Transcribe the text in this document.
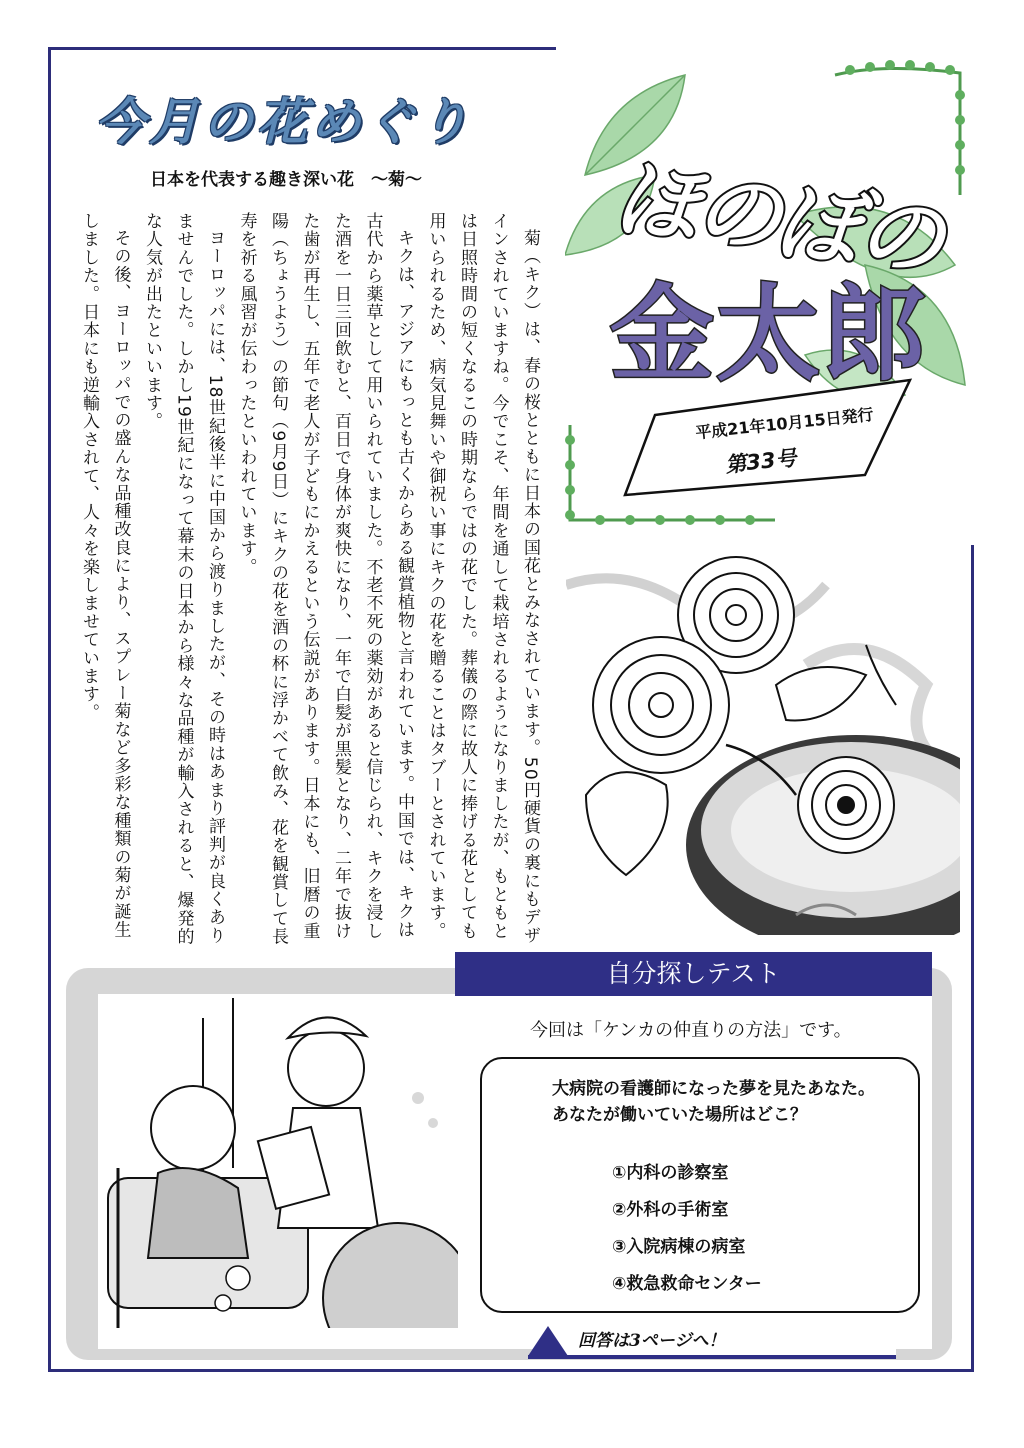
今月の花めぐり
日本を代表する趣き深い花　～菊～

菊（キク）は、春の桜とともに日本の国花とみなされています。50円硬貨の裏にもデザインされていますね。今でこそ、年間を通して栽培されるようになりましたが、もともとは日照時間の短くなるこの時期ならではの花でした。葬儀の際に故人に捧げる花としても用いられるため、病気見舞いや御祝い事にキクの花を贈ることはタブーとされています。

キクは、アジアにもっとも古くからある観賞植物と言われています。中国では、キクは古代から薬草として用いられていました。不老不死の薬効があると信じられ、キクを浸した酒を一日三回飲むと、百日で身体が爽快になり、一年で白髪が黒髪となり、二年で抜けた歯が再生し、五年で老人が子どもにかえるという伝説があります。日本にも、旧暦の重陽（ちょうよう）の節句（9月9日）にキクの花を酒の杯に浮かべて飲み、花を観賞して長寿を祈る風習が伝わったといわれています。

ヨーロッパには、18世紀後半に中国から渡りましたが、その時はあまり評判が良くありませんでした。しかし19世紀になって幕末の日本から様々な品種が輸入されると、爆発的な人気が出たといいます。

その後、ヨーロッパでの盛んな品種改良により、スプレー菊など多彩な種類の菊が誕生しました。日本にも逆輸入されて、人々を楽しませています。	ほのぼの
金太郎
平成21年10月15日発行
第33号
自分探しテスト
今回は「ケンカの仲直りの方法」です。
大病院の看護師になった夢を見たあなた。
あなたが働いていた場所はどこ？
①内科の診察室
②外科の手術室
③入院病棟の病室
④救急救命センター
回答は3ページへ！
